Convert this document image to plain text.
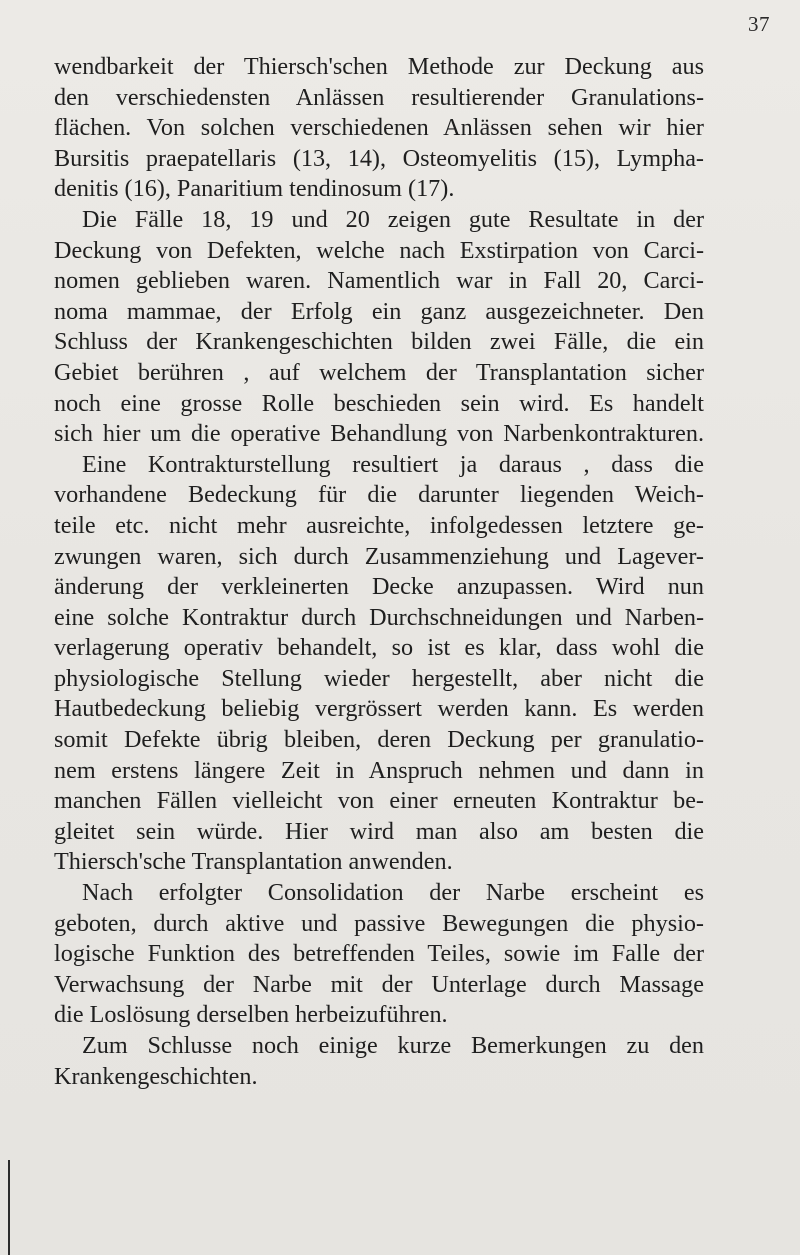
37

wendbarkeit der Thiersch'schen Methode zur Deckung aus
den verschiedensten Anlässen resultierender Granulations-
flächen. Von solchen verschiedenen Anlässen sehen wir hier
Bursitis praepatellaris (13, 14), Osteomyelitis (15), Lympha-
denitis (16), Panaritium tendinosum (17).

Die Fälle 18, 19 und 20 zeigen gute Resultate in der
Deckung von Defekten, welche nach Exstirpation von Carci-
nomen geblieben waren. Namentlich war in Fall 20, Carci-
noma mammae, der Erfolg ein ganz ausgezeichneter. Den
Schluss der Krankengeschichten bilden zwei Fälle, die ein
Gebiet berühren , auf welchem der Transplantation sicher
noch eine grosse Rolle beschieden sein wird. Es handelt
sich hier um die operative Behandlung von Narbenkontrakturen.

Eine Kontrakturstellung resultiert ja daraus , dass die
vorhandene Bedeckung für die darunter liegenden Weich-
teile etc. nicht mehr ausreichte, infolgedessen letztere ge-
zwungen waren, sich durch Zusammenziehung und Lagever-
änderung der verkleinerten Decke anzupassen. Wird nun
eine solche Kontraktur durch Durchschneidungen und Narben-
verlagerung operativ behandelt, so ist es klar, dass wohl die
physiologische Stellung wieder hergestellt, aber nicht die
Hautbedeckung beliebig vergrössert werden kann. Es werden
somit Defekte übrig bleiben, deren Deckung per granulatio-
nem erstens längere Zeit in Anspruch nehmen und dann in
manchen Fällen vielleicht von einer erneuten Kontraktur be-
gleitet sein würde. Hier wird man also am besten die
Thiersch'sche Transplantation anwenden.

Nach erfolgter Consolidation der Narbe erscheint es
geboten, durch aktive und passive Bewegungen die physio-
logische Funktion des betreffenden Teiles, sowie im Falle der
Verwachsung der Narbe mit der Unterlage durch Massage
die Loslösung derselben herbeizuführen.

Zum Schlusse noch einige kurze Bemerkungen zu den
Krankengeschichten.
